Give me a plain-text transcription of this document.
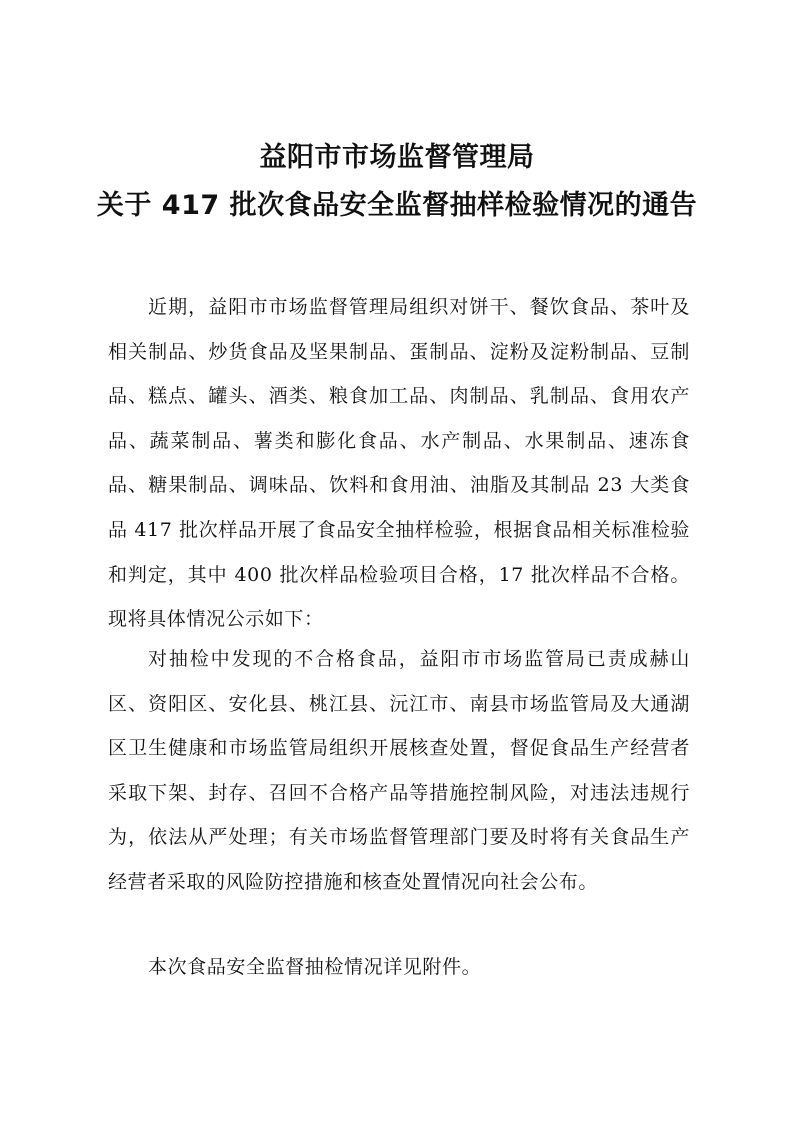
益阳市市场监督管理局
关于 417 批次食品安全监督抽样检验情况的通告

近期，益阳市市场监督管理局组织对饼干、餐饮食品、茶叶及相关制品、炒货食品及坚果制品、蛋制品、淀粉及淀粉制品、豆制品、糕点、罐头、酒类、粮食加工品、肉制品、乳制品、食用农产品、蔬菜制品、薯类和膨化食品、水产制品、水果制品、速冻食品、糖果制品、调味品、饮料和食用油、油脂及其制品 23 大类食品 417 批次样品开展了食品安全抽样检验，根据食品相关标准检验和判定，其中 400 批次样品检验项目合格，17 批次样品不合格。现将具体情况公示如下：

对抽检中发现的不合格食品，益阳市市场监管局已责成赫山区、资阳区、安化县、桃江县、沅江市、南县市场监管局及大通湖区卫生健康和市场监管局组织开展核查处置，督促食品生产经营者采取下架、封存、召回不合格产品等措施控制风险，对违法违规行为，依法从严处理；有关市场监督管理部门要及时将有关食品生产经营者采取的风险防控措施和核查处置情况向社会公布。

本次食品安全监督抽检情况详见附件。
